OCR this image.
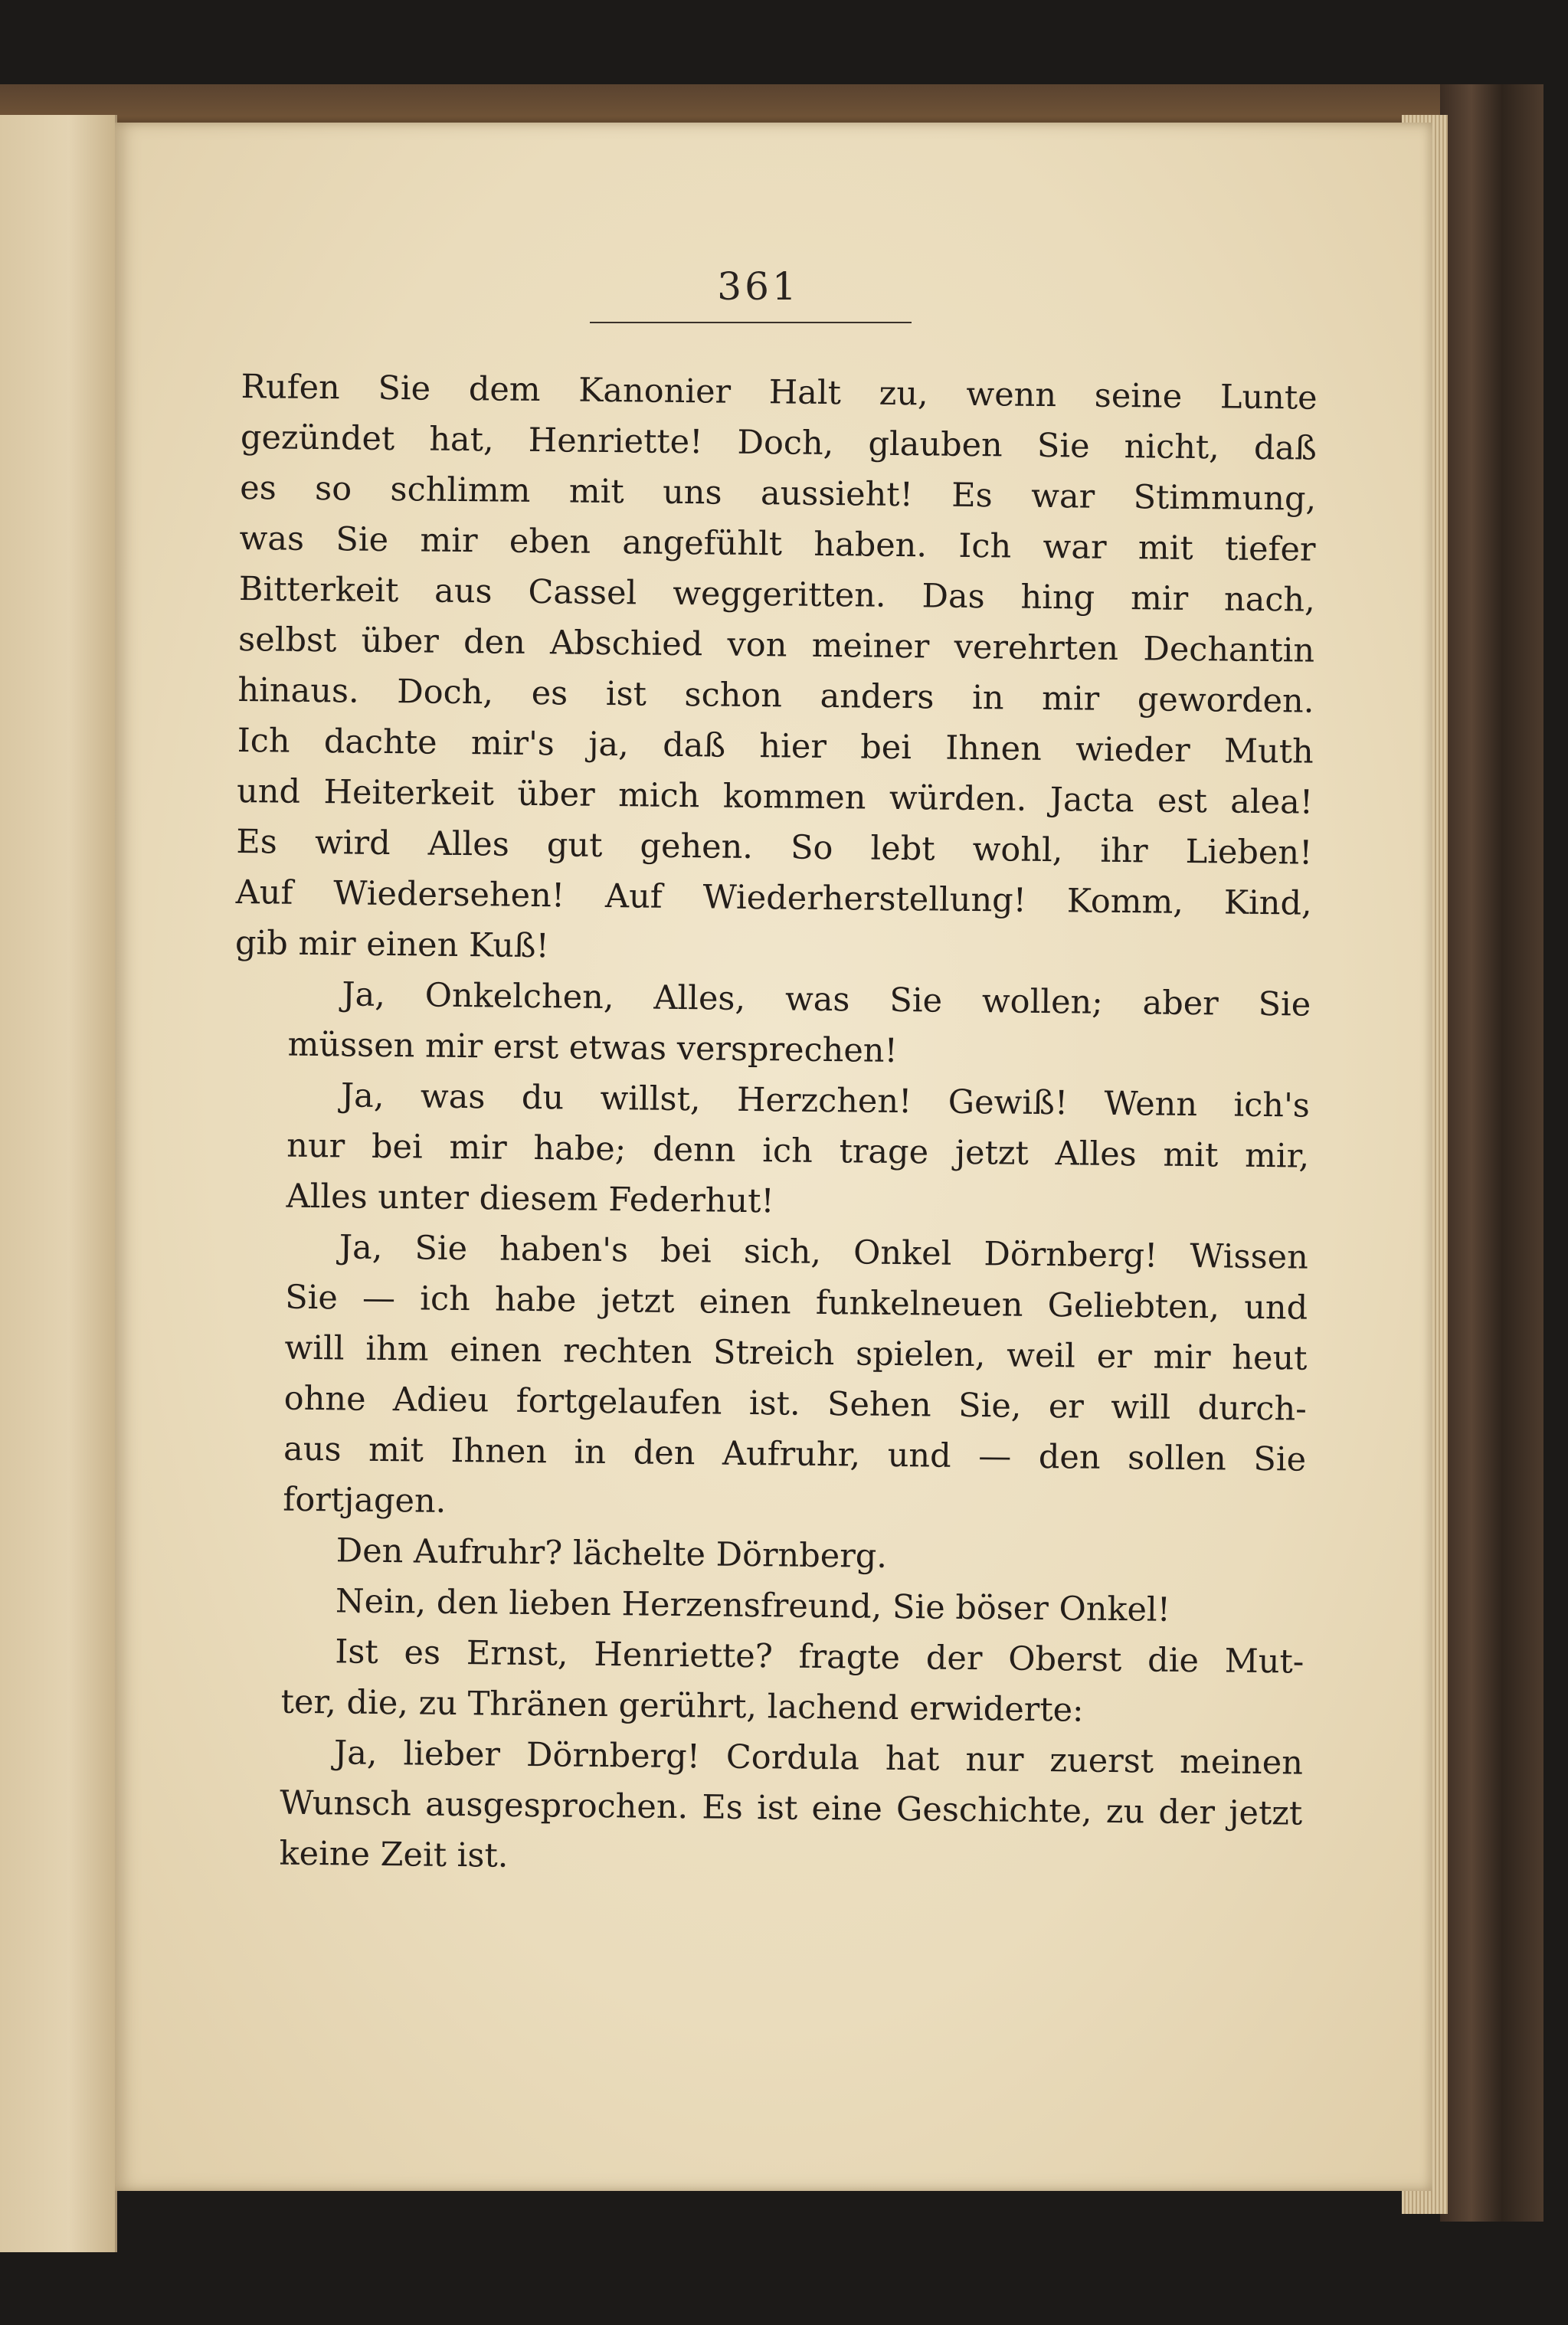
361

Rufen Sie dem Kanonier Halt zu, wenn seine Lunte
gezündet hat, Henriette! Doch, glauben Sie nicht, daß
es so schlimm mit uns aussieht! Es war Stimmung,
was Sie mir eben angefühlt haben. Ich war mit tiefer
Bitterkeit aus Cassel weggeritten. Das hing mir nach,
selbst über den Abschied von meiner verehrten Dechantin
hinaus. Doch, es ist schon anders in mir geworden.
Ich dachte mir's ja, daß hier bei Ihnen wieder Muth
und Heiterkeit über mich kommen würden. Jacta est alea!
Es wird Alles gut gehen. So lebt wohl, ihr Lieben!
Auf Wiedersehen! Auf Wiederherstellung! Komm, Kind,
gib mir einen Kuß!

Ja, Onkelchen, Alles, was Sie wollen; aber Sie
müssen mir erst etwas versprechen!

Ja, was du willst, Herzchen! Gewiß! Wenn ich's
nur bei mir habe; denn ich trage jetzt Alles mit mir,
Alles unter diesem Federhut!

Ja, Sie haben's bei sich, Onkel Dörnberg! Wissen
Sie — ich habe jetzt einen funkelneuen Geliebten, und
will ihm einen rechten Streich spielen, weil er mir heut
ohne Adieu fortgelaufen ist. Sehen Sie, er will durch-
aus mit Ihnen in den Aufruhr, und — den sollen Sie
fortjagen.

Den Aufruhr? lächelte Dörnberg.

Nein, den lieben Herzensfreund, Sie böser Onkel!

Ist es Ernst, Henriette? fragte der Oberst die Mut-
ter, die, zu Thränen gerührt, lachend erwiderte:

Ja, lieber Dörnberg! Cordula hat nur zuerst meinen
Wunsch ausgesprochen. Es ist eine Geschichte, zu der jetzt
keine Zeit ist.
